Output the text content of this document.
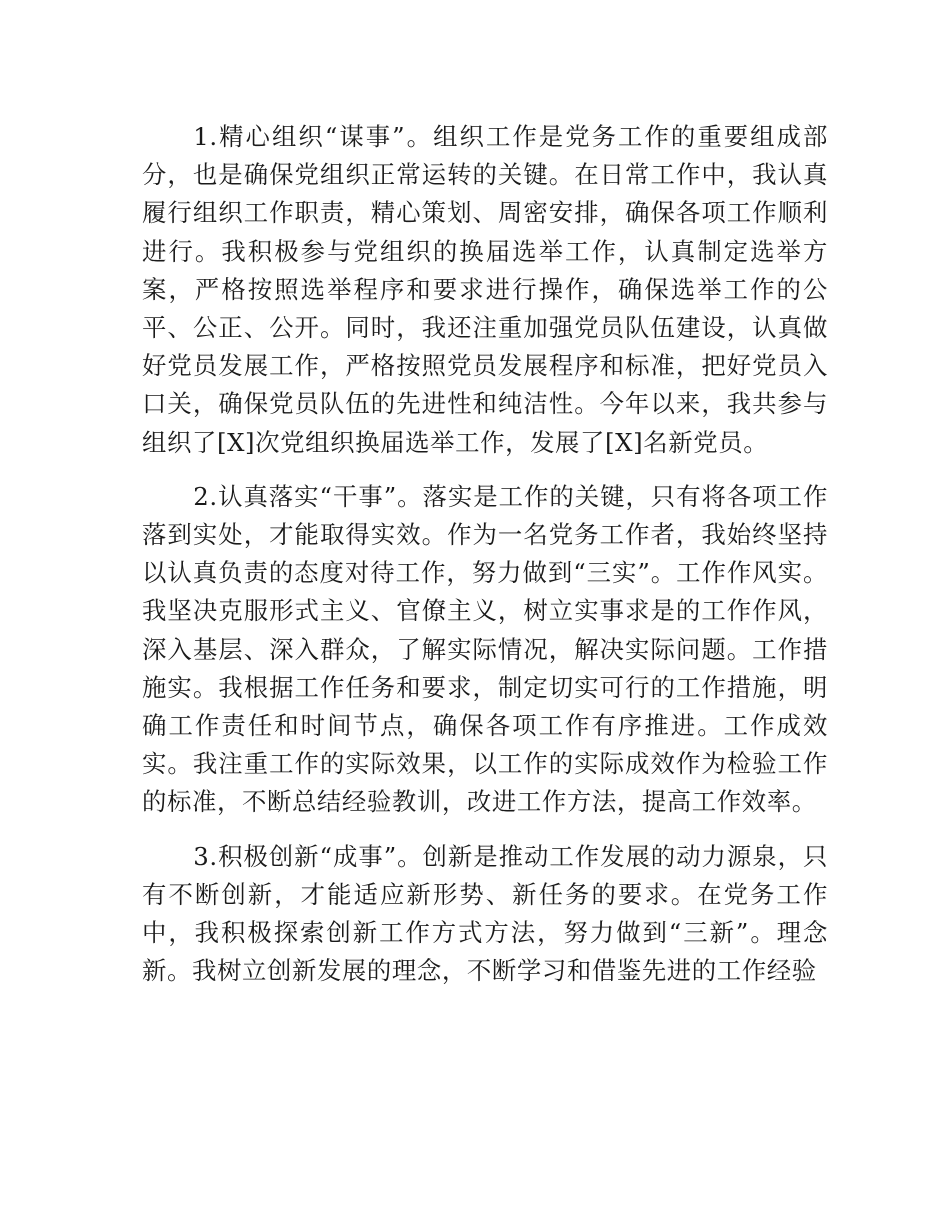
1.精心组织“谋事”。组织工作是党务工作的重要组成部分，也是确保党组织正常运转的关键。在日常工作中，我认真履行组织工作职责，精心策划、周密安排，确保各项工作顺利进行。我积极参与党组织的换届选举工作，认真制定选举方案，严格按照选举程序和要求进行操作，确保选举工作的公平、公正、公开。同时，我还注重加强党员队伍建设，认真做好党员发展工作，严格按照党员发展程序和标准，把好党员入口关，确保党员队伍的先进性和纯洁性。今年以来，我共参与组织了[X]次党组织换届选举工作，发展了[X]名新党员。

2.认真落实“干事”。落实是工作的关键，只有将各项工作落到实处，才能取得实效。作为一名党务工作者，我始终坚持以认真负责的态度对待工作，努力做到“三实”。工作作风实。我坚决克服形式主义、官僚主义，树立实事求是的工作作风，深入基层、深入群众，了解实际情况，解决实际问题。工作措施实。我根据工作任务和要求，制定切实可行的工作措施，明确工作责任和时间节点，确保各项工作有序推进。工作成效实。我注重工作的实际效果，以工作的实际成效作为检验工作的标准，不断总结经验教训，改进工作方法，提高工作效率。

3.积极创新“成事”。创新是推动工作发展的动力源泉，只有不断创新，才能适应新形势、新任务的要求。在党务工作中，我积极探索创新工作方式方法，努力做到“三新”。理念新。我树立创新发展的理念，不断学习和借鉴先进的工作经验
